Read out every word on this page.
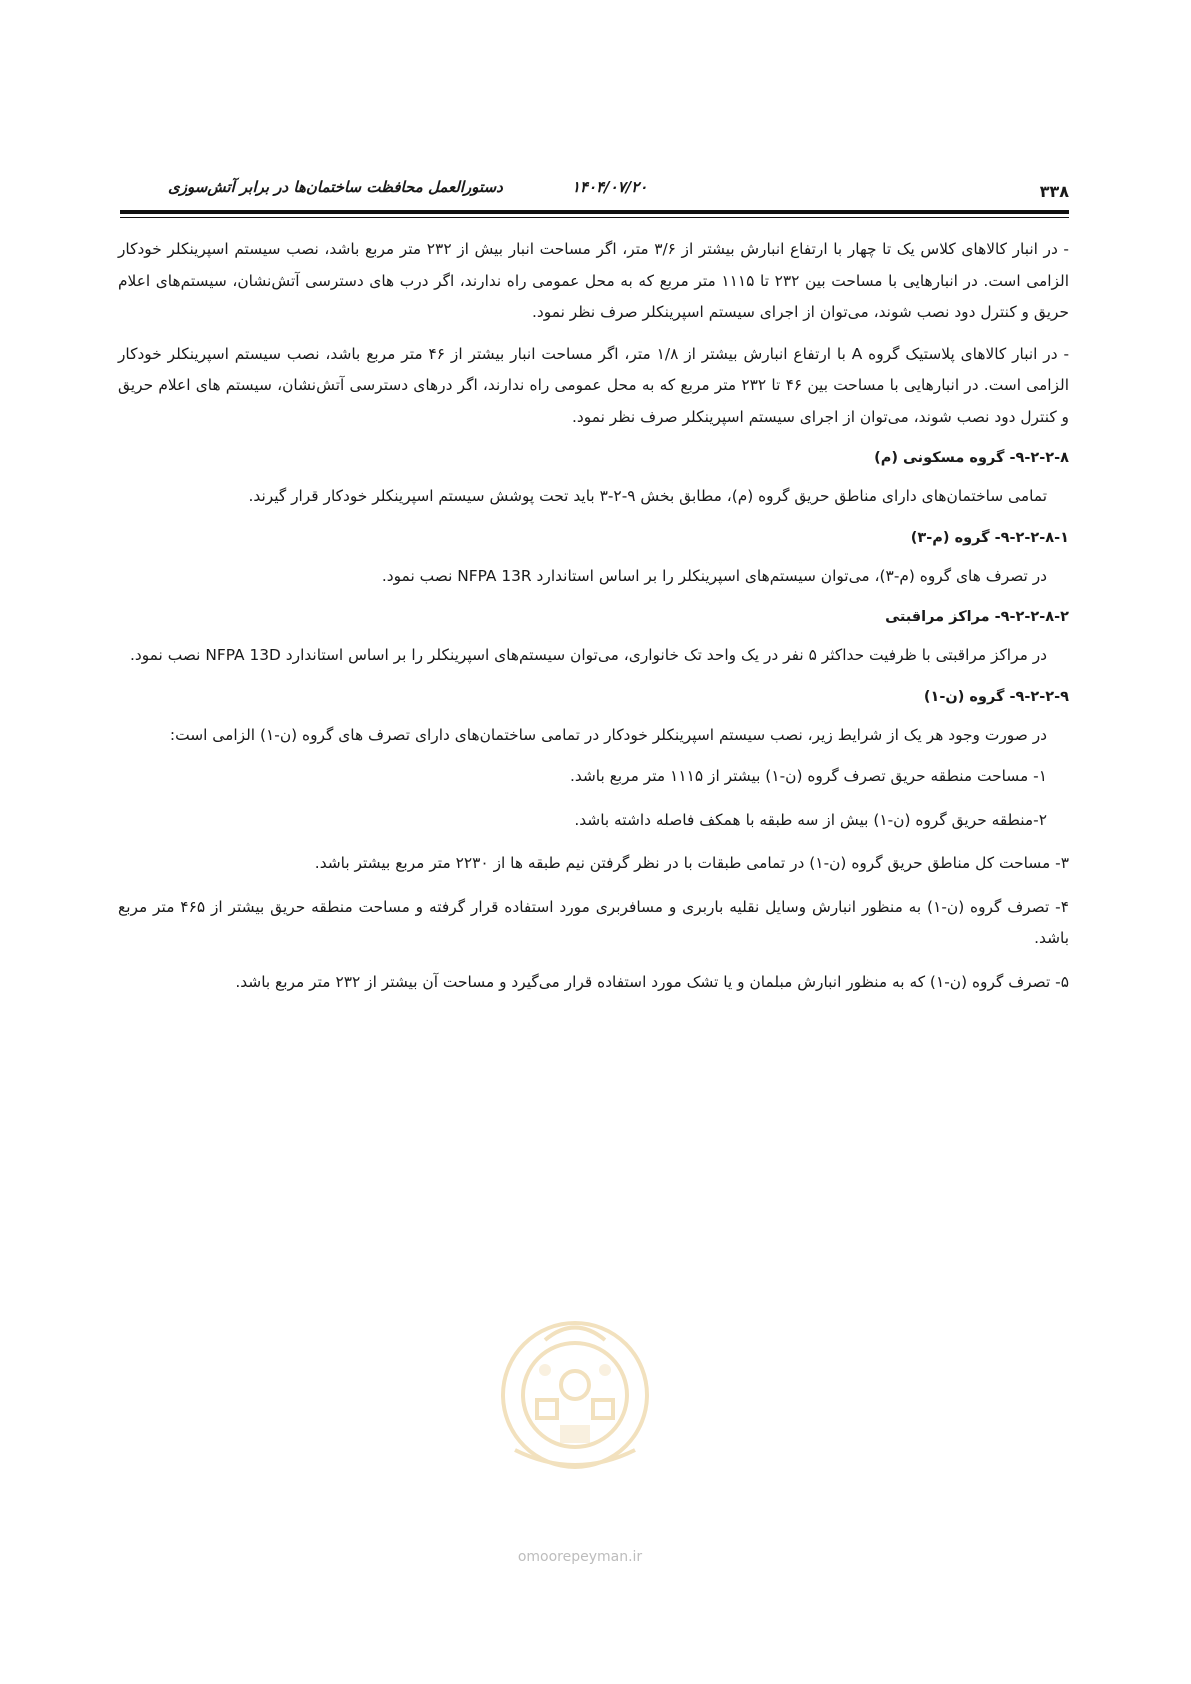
۳۳۸
۱۴۰۴/۰۷/۲۰
دستورالعمل محافظت ساختمان‌ها در برابر آتش‌سوزی

- در انبار کالاهای کلاس یک تا چهار با ارتفاع انبارش بیشتر از ۳/۶ متر، اگر مساحت انبار بیش از ۲۳۲ متر مربع باشد، نصب سیستم اسپرینکلر خودکار الزامی است. در انبارهایی با مساحت بین ۲۳۲ تا ۱۱۱۵ متر مربع که به محل عمومی راه ندارند، اگر درب های دسترسی آتش‌نشان، سیستم‌های اعلام حریق و کنترل دود نصب شوند، می‌توان از اجرای سیستم اسپرینکلر صرف نظر نمود.

- در انبار کالاهای پلاستیک گروه A با ارتفاع انبارش بیشتر از ۱/۸ متر، اگر مساحت انبار بیشتر از ۴۶ متر مربع باشد، نصب سیستم اسپرینکلر خودکار الزامی است. در انبارهایی با مساحت بین ۴۶ تا ۲۳۲ متر مربع که به محل عمومی راه ندارند، اگر درهای دسترسی آتش‌نشان، سیستم های اعلام حریق و کنترل دود نصب شوند، می‌توان از اجرای سیستم اسپرینکلر صرف نظر نمود.

۹-۲-۲-۸- گروه مسکونی (م)

تمامی ساختمان‌های دارای مناطق حریق گروه (م)، مطابق بخش ۹-۲-۳ باید تحت پوشش سیستم اسپرینکلر خودکار قرار گیرند.

۹-۲-۲-۸-۱- گروه (م-۳)

در تصرف های گروه (م-۳)، می‌توان سیستم‌های اسپرینکلر را بر اساس استاندارد NFPA 13R نصب نمود.

۹-۲-۲-۸-۲- مراکز مراقبتی

در مراکز مراقبتی با ظرفیت حداکثر ۵ نفر در یک واحد تک خانواری، می‌توان سیستم‌های اسپرینکلر را بر اساس استاندارد NFPA 13D نصب نمود.

۹-۲-۲-۹- گروه (ن-۱)

در صورت وجود هر یک از شرایط زیر، نصب سیستم اسپرینکلر خودکار در تمامی ساختمان‌های دارای تصرف های گروه (ن-۱) الزامی است:

۱- مساحت منطقه حریق تصرف گروه (ن-۱) بیشتر از ۱۱۱۵ متر مربع باشد.

۲-منطقه حریق گروه (ن-۱) بیش از سه طبقه با همکف فاصله داشته باشد.

۳- مساحت کل مناطق حریق گروه (ن-۱) در تمامی طبقات با در نظر گرفتن نیم طبقه ها از ۲۲۳۰ متر مربع بیشتر باشد.

۴- تصرف گروه (ن-۱) به منظور انبارش وسایل نقلیه باربری و مسافربری مورد استفاده قرار گرفته و مساحت منطقه حریق بیشتر از ۴۶۵ متر مربع باشد.

۵- تصرف گروه (ن-۱) که به منظور انبارش مبلمان و یا تشک مورد استفاده قرار می‌گیرد و مساحت آن بیشتر از ۲۳۲ متر مربع باشد.

omoorepeyman.ir
